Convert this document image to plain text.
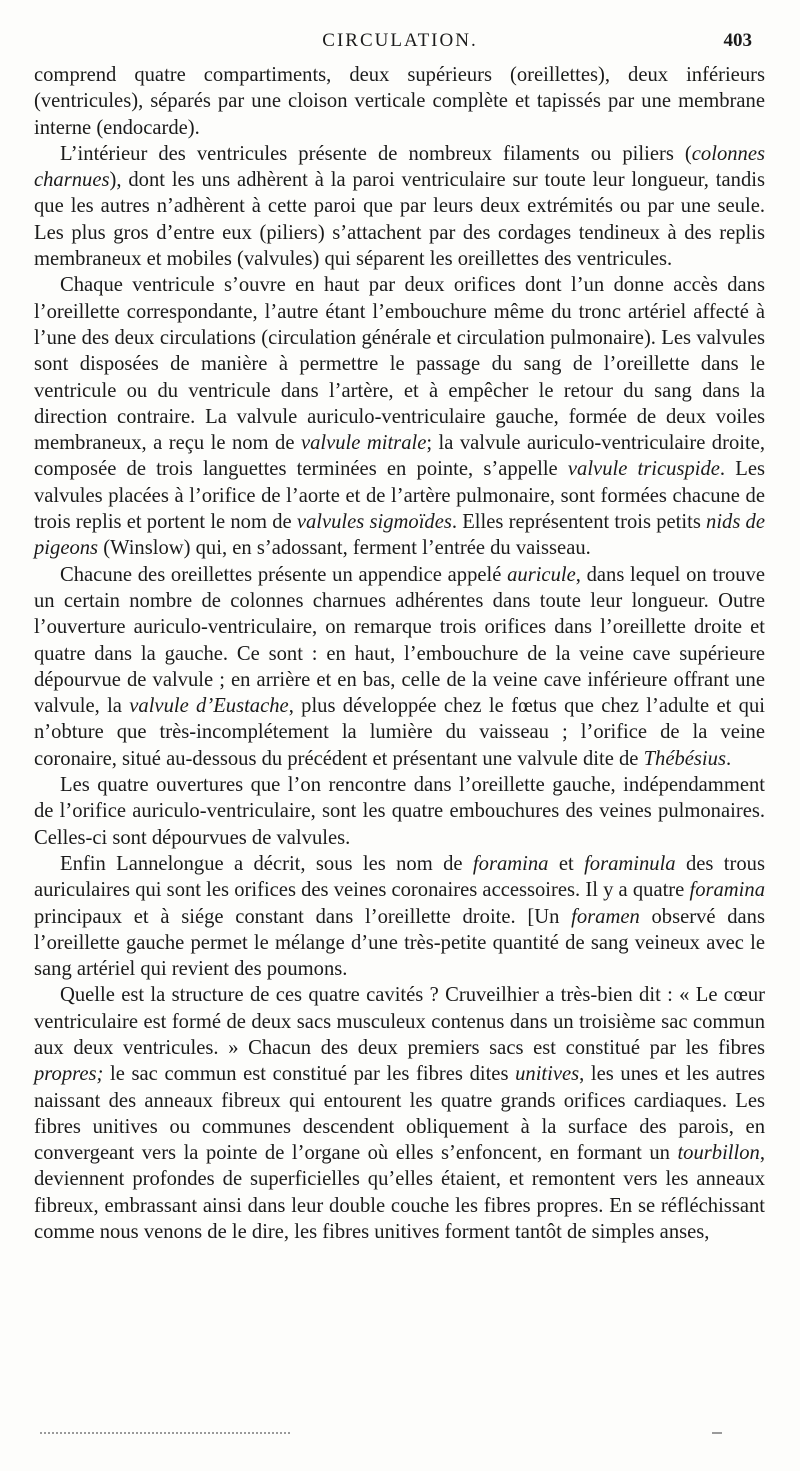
CIRCULATION.	403

comprend quatre compartiments, deux supérieurs (oreillettes), deux inférieurs (ventricules), séparés par une cloison verticale complète et tapissés par une membrane interne (endocarde).

L’intérieur des ventricules présente de nombreux filaments ou piliers (colonnes charnues), dont les uns adhèrent à la paroi ventriculaire sur toute leur longueur, tandis que les autres n’adhèrent à cette paroi que par leurs deux extrémités ou par une seule. Les plus gros d’entre eux (piliers) s’attachent par des cordages tendineux à des replis membraneux et mobiles (valvules) qui séparent les oreillettes des ventricules.

Chaque ventricule s’ouvre en haut par deux orifices dont l’un donne accès dans l’oreillette correspondante, l’autre étant l’embouchure même du tronc artériel affecté à l’une des deux circulations (circulation générale et circulation pulmonaire). Les valvules sont disposées de manière à permettre le passage du sang de l’oreillette dans le ventricule ou du ventricule dans l’artère, et à empêcher le retour du sang dans la direction contraire. La valvule auriculo-ventriculaire gauche, formée de deux voiles membraneux, a reçu le nom de valvule mitrale; la valvule auriculo-ventriculaire droite, composée de trois languettes terminées en pointe, s’appelle valvule tricuspide. Les valvules placées à l’orifice de l’aorte et de l’artère pulmonaire, sont formées chacune de trois replis et portent le nom de valvules sigmoïdes. Elles représentent trois petits nids de pigeons (Winslow) qui, en s’adossant, ferment l’entrée du vaisseau.

Chacune des oreillettes présente un appendice appelé auricule, dans lequel on trouve un certain nombre de colonnes charnues adhérentes dans toute leur longueur. Outre l’ouverture auriculo-ventriculaire, on remarque trois orifices dans l’oreillette droite et quatre dans la gauche. Ce sont : en haut, l’embouchure de la veine cave supérieure dépourvue de valvule ; en arrière et en bas, celle de la veine cave inférieure offrant une valvule, la valvule d’Eustache, plus développée chez le fœtus que chez l’adulte et qui n’obture que très-incomplétement la lumière du vaisseau ; l’orifice de la veine coronaire, situé au-dessous du précédent et présentant une valvule dite de Thébésius.

Les quatre ouvertures que l’on rencontre dans l’oreillette gauche, indépendamment de l’orifice auriculo-ventriculaire, sont les quatre embouchures des veines pulmonaires. Celles-ci sont dépourvues de valvules.

Enfin Lannelongue a décrit, sous les nom de foramina et foraminula des trous auriculaires qui sont les orifices des veines coronaires accessoires. Il y a quatre foramina principaux et à siége constant dans l’oreillette droite. [Un foramen observé dans l’oreillette gauche permet le mélange d’une très-petite quantité de sang veineux avec le sang artériel qui revient des poumons.

Quelle est la structure de ces quatre cavités ? Cruveilhier a très-bien dit : « Le cœur ventriculaire est formé de deux sacs musculeux contenus dans un troisième sac commun aux deux ventricules. » Chacun des deux premiers sacs est constitué par les fibres propres; le sac commun est constitué par les fibres dites unitives, les unes et les autres naissant des anneaux fibreux qui entourent les quatre grands orifices cardiaques. Les fibres unitives ou communes descendent obliquement à la surface des parois, en convergeant vers la pointe de l’organe où elles s’enfoncent, en formant un tourbillon, deviennent profondes de superficielles qu’elles étaient, et remontent vers les anneaux fibreux, embrassant ainsi dans leur double couche les fibres propres. En se réfléchissant comme nous venons de le dire, les fibres unitives forment tantôt de simples anses,
